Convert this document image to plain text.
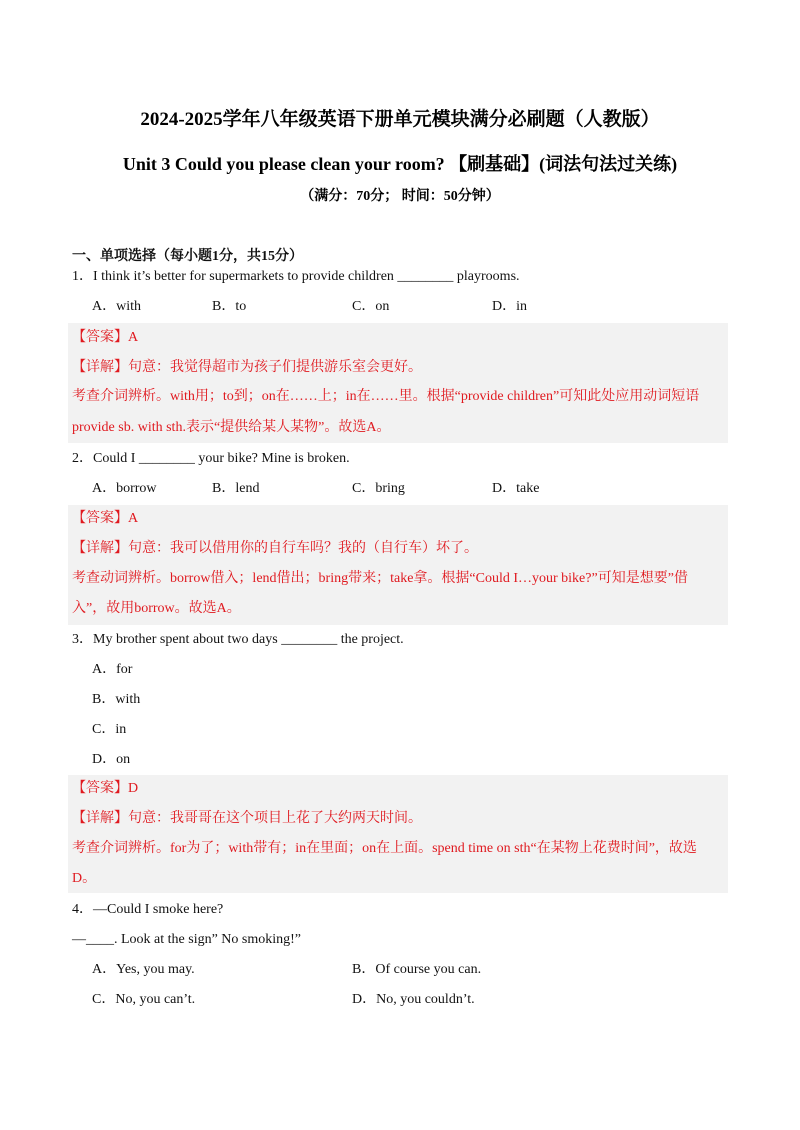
2024-2025学年八年级英语下册单元模块满分必刷题（人教版）
Unit 3 Could you please clean your room? 【刷基础】(词法句法过关练)
（满分：70分； 时间：50分钟）
一、单项选择（每小题1分，共15分）
1．I think it’s better for supermarkets to provide children ________ playrooms.
A．with	B．to	C．on	D．in
【答案】A
【详解】句意：我觉得超市为孩子们提供游乐室会更好。
考查介词辨析。with用；to到；on在……上；in在……里。根据“provide children”可知此处应用动词短语
provide sb. with sth.表示“提供给某人某物”。故选A。
2．Could I ________ your bike? Mine is broken.
A．borrow	B．lend	C．bring	D．take
【答案】A
【详解】句意：我可以借用你的自行车吗？我的（自行车）坏了。
考查动词辨析。borrow借入；lend借出；bring带来；take拿。根据“Could I…your bike?”可知是想要”借
入”，故用borrow。故选A。
3．My brother spent about two days ________ the project.
A．for
B．with
C．in
D．on
【答案】D
【详解】句意：我哥哥在这个项目上花了大约两天时间。
考查介词辨析。for为了；with带有；in在里面；on在上面。spend time on sth“在某物上花费时间”，故选
D。
4．—Could I smoke here?
—____. Look at the sign” No smoking!”
A．Yes, you may.	B．Of course you can.
C．No, you can’t.	D．No, you couldn’t.
